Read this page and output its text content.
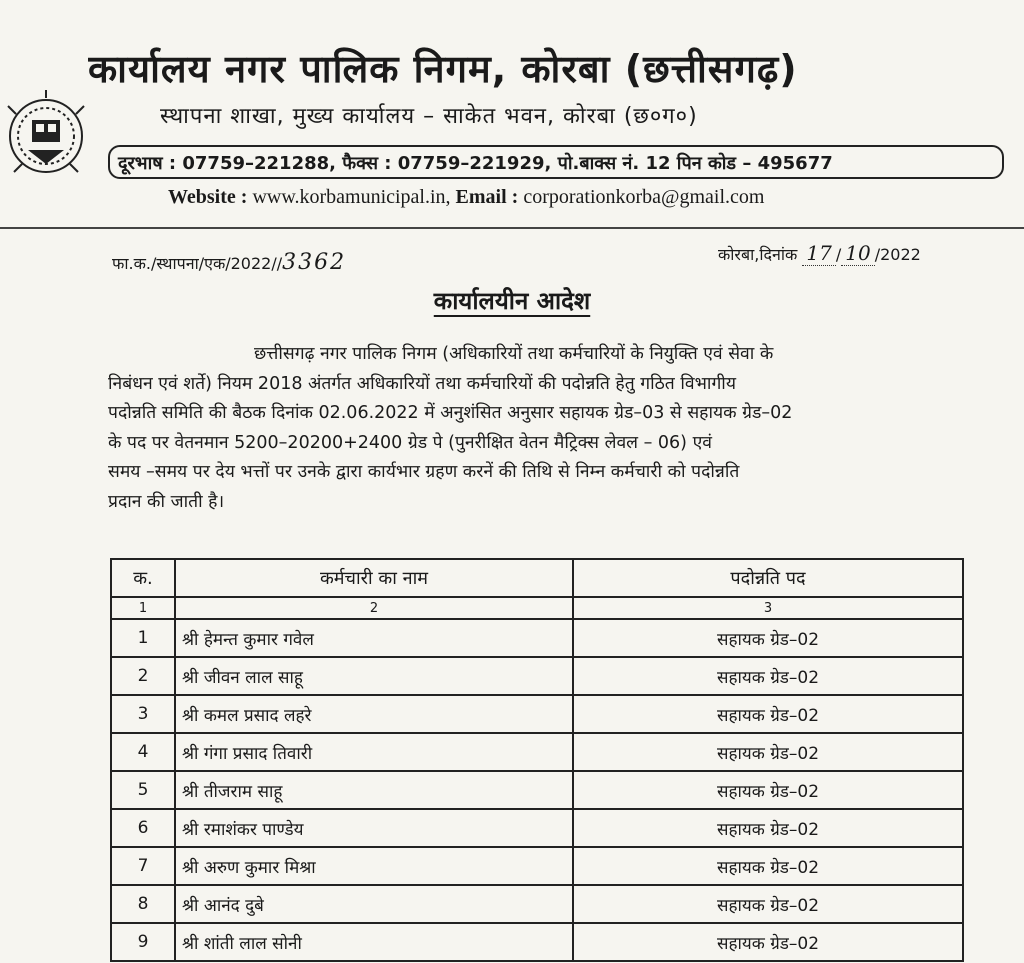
कार्यालय नगर पालिक निगम, कोरबा (छत्तीसगढ़)
स्थापना शाखा, मुख्य कार्यालय – साकेत भवन, कोरबा (छ०ग०)
दूरभाष : 07759–221288, फैक्स : 07759–221929, पो.बाक्स नं. 12 पिन कोड – 495677
Website : www.korbamunicipal.in, Email : corporationkorba@gmail.com
फा.क./स्थापना/एक/2022//3362	कोरबा,दिनांक 17 / 10 /2022
कार्यालयीन आदेश
छत्तीसगढ़ नगर पालिक निगम (अधिकारियों तथा कर्मचारियों के नियुक्ति एवं सेवा के
निबंधन एवं शर्ते) नियम 2018 अंतर्गत अधिकारियों तथा कर्मचारियों की पदोन्नति हेतु गठित विभागीय
पदोन्नति समिति की बैठक दिनांक 02.06.2022 में अनुशंसित अनुसार सहायक ग्रेड–03 से सहायक ग्रेड–02
के पद पर वेतनमान 5200–20200+2400 ग्रेड पे (पुनरीक्षित वेतन मैट्रिक्स लेवल – 06) एवं
समय –समय पर देय भत्तों पर उनके द्वारा कार्यभार ग्रहण करनें की तिथि से निम्न कर्मचारी को पदोन्नति
प्रदान की जाती है।
क.	कर्मचारी का नाम	पदोन्नति पद
1	2	3
1	श्री हेमन्त कुमार गवेल	सहायक ग्रेड–02
2	श्री जीवन लाल साहू	सहायक ग्रेड–02
3	श्री कमल प्रसाद लहरे	सहायक ग्रेड–02
4	श्री गंगा प्रसाद तिवारी	सहायक ग्रेड–02
5	श्री तीजराम साहू	सहायक ग्रेड–02
6	श्री रमाशंकर पाण्डेय	सहायक ग्रेड–02
7	श्री अरुण कुमार मिश्रा	सहायक ग्रेड–02
8	श्री आनंद दुबे	सहायक ग्रेड–02
9	श्री शांती लाल सोनी	सहायक ग्रेड–02
